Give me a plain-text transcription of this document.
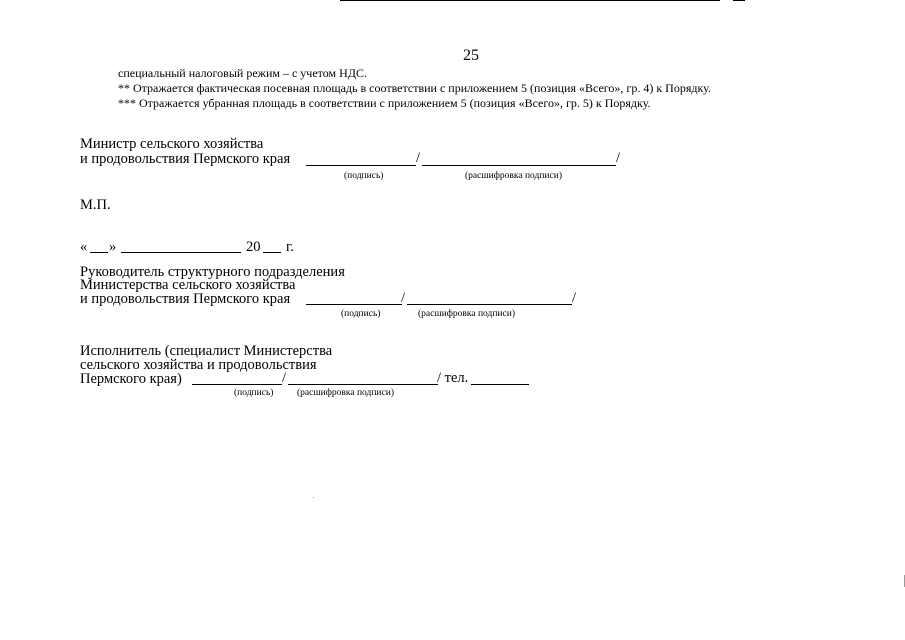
25
специальный налоговый режим – с учетом НДС.
** Отражается фактическая посевная площадь в соответствии с приложением 5 (позиция «Всего», гр. 4) к Порядку.
*** Отражается убранная площадь в соответствии с приложением 5 (позиция «Всего», гр. 5) к Порядку.
Министр сельского хозяйства
и продовольствия Пермского края	/	/
(подпись)	(расшифровка подписи)
М.П.
« »	20 г.
Руководитель структурного подразделения
Министерства сельского хозяйства
и продовольствия Пермского края	/	/
(подпись)	(расшифровка подписи)
Исполнитель (специалист Министерства
сельского хозяйства и продовольствия
Пермского края)	/	/ тел.
(подпись) (расшифровка подписи)
